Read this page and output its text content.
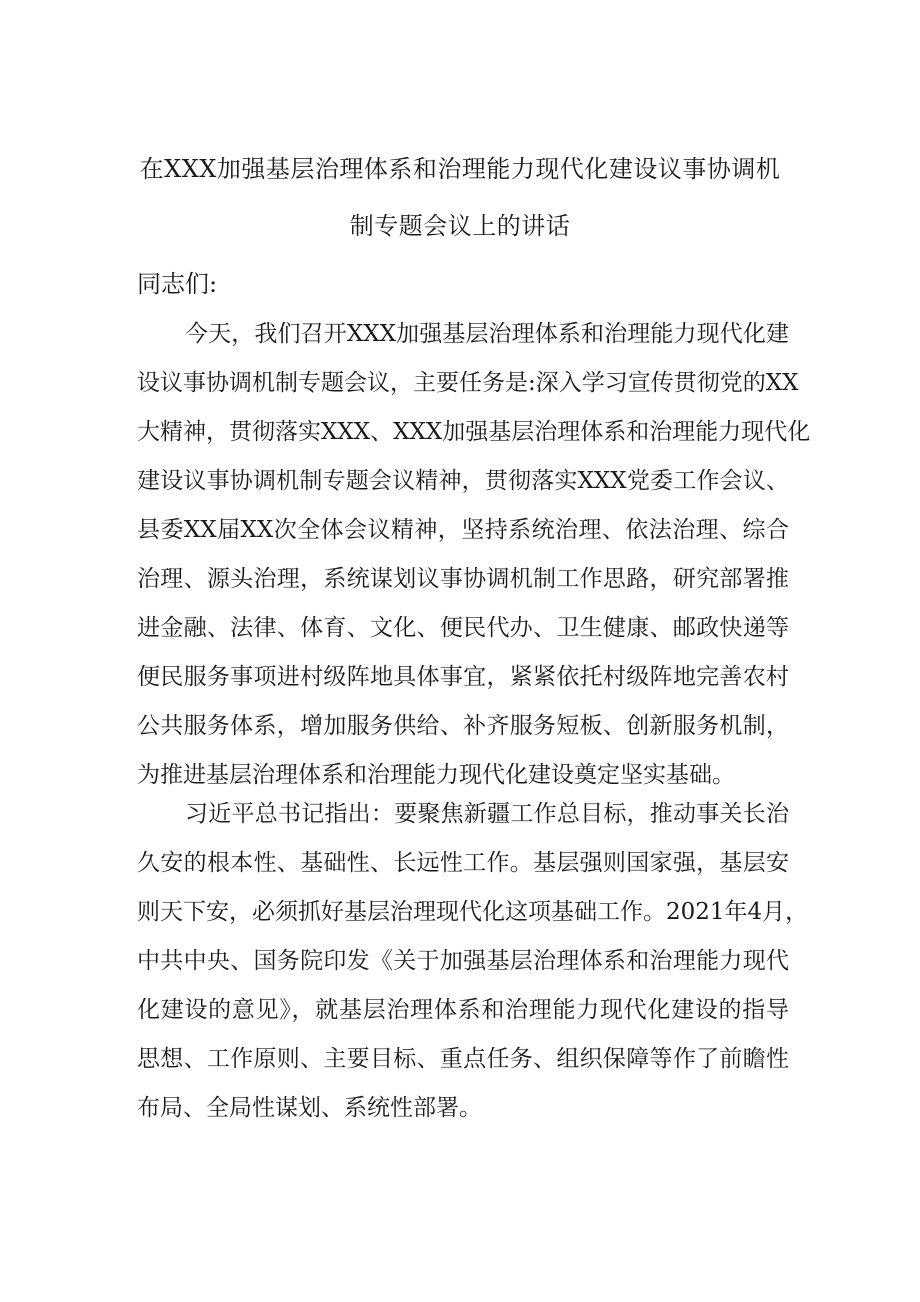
在XXX加强基层治理体系和治理能力现代化建设议事协调机
制专题会议上的讲话
同志们:
今天，我们召开XXX加强基层治理体系和治理能力现代化建
设议事协调机制专题会议，主要任务是:深入学习宣传贯彻党的XX
大精神，贯彻落实XXX、XXX加强基层治理体系和治理能力现代化
建设议事协调机制专题会议精神，贯彻落实XXX党委工作会议、
县委XX届XX次全体会议精神，坚持系统治理、依法治理、综合
治理、源头治理，系统谋划议事协调机制工作思路，研究部署推
进金融、法律、体育、文化、便民代办、卫生健康、邮政快递等
便民服务事项进村级阵地具体事宜，紧紧依托村级阵地完善农村
公共服务体系，增加服务供给、补齐服务短板、创新服务机制，
为推进基层治理体系和治理能力现代化建设奠定坚实基础。
习近平总书记指出：要聚焦新疆工作总目标，推动事关长治
久安的根本性、基础性、长远性工作。基层强则国家强，基层安
则天下安，必须抓好基层治理现代化这项基础工作。2021年4月，
中共中央、国务院印发《关于加强基层治理体系和治理能力现代
化建设的意见》，就基层治理体系和治理能力现代化建设的指导
思想、工作原则、主要目标、重点任务、组织保障等作了前瞻性
布局、全局性谋划、系统性部署。
